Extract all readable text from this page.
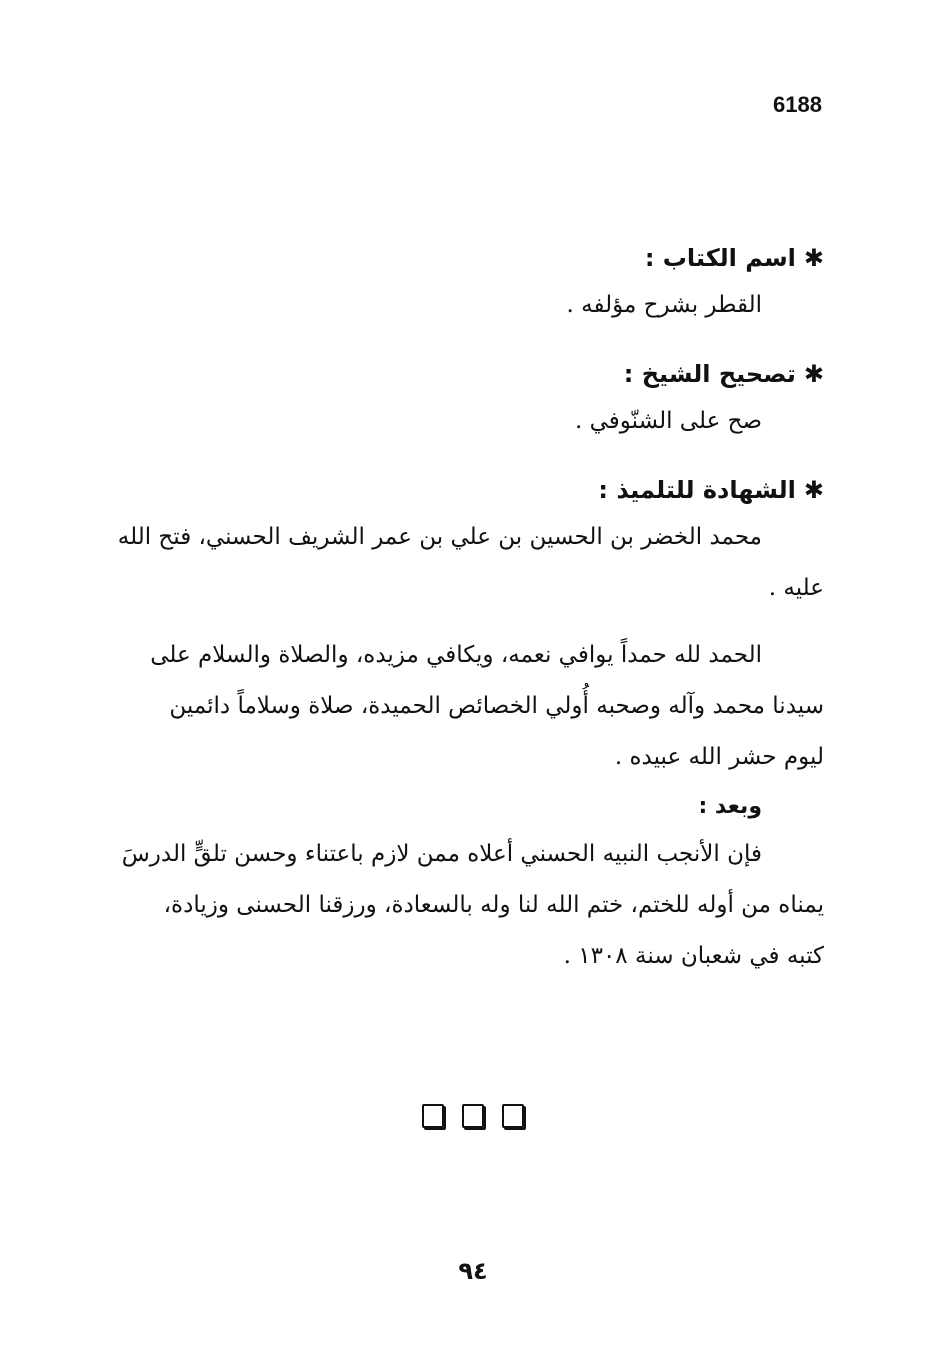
6188

✱اسم الكتاب :

القطر بشرح مؤلفه .

✱تصحيح الشيخ :

صح على الشنّوفي .

✱الشهادة للتلميذ :

محمد الخضر بن الحسين بن علي بن عمر الشريف الحسني، فتح الله
عليه .

الحمد لله حمداً يوافي نعمه، ويكافي مزيده، والصلاة والسلام على
سيدنا محمد وآله وصحبه أُولي الخصائص الحميدة، صلاة وسلاماً دائمين
ليوم حشر الله عبيده .

وبعد :

فإن الأنجب النبيه الحسني أعلاه ممن لازم باعتناء وحسن تلقٍّ الدرسَ
يمناه من أوله للختم، ختم الله لنا وله بالسعادة، ورزقنا الحسنى وزيادة،
كتبه في شعبان سنة ١٣٠٨ .

٩٤
